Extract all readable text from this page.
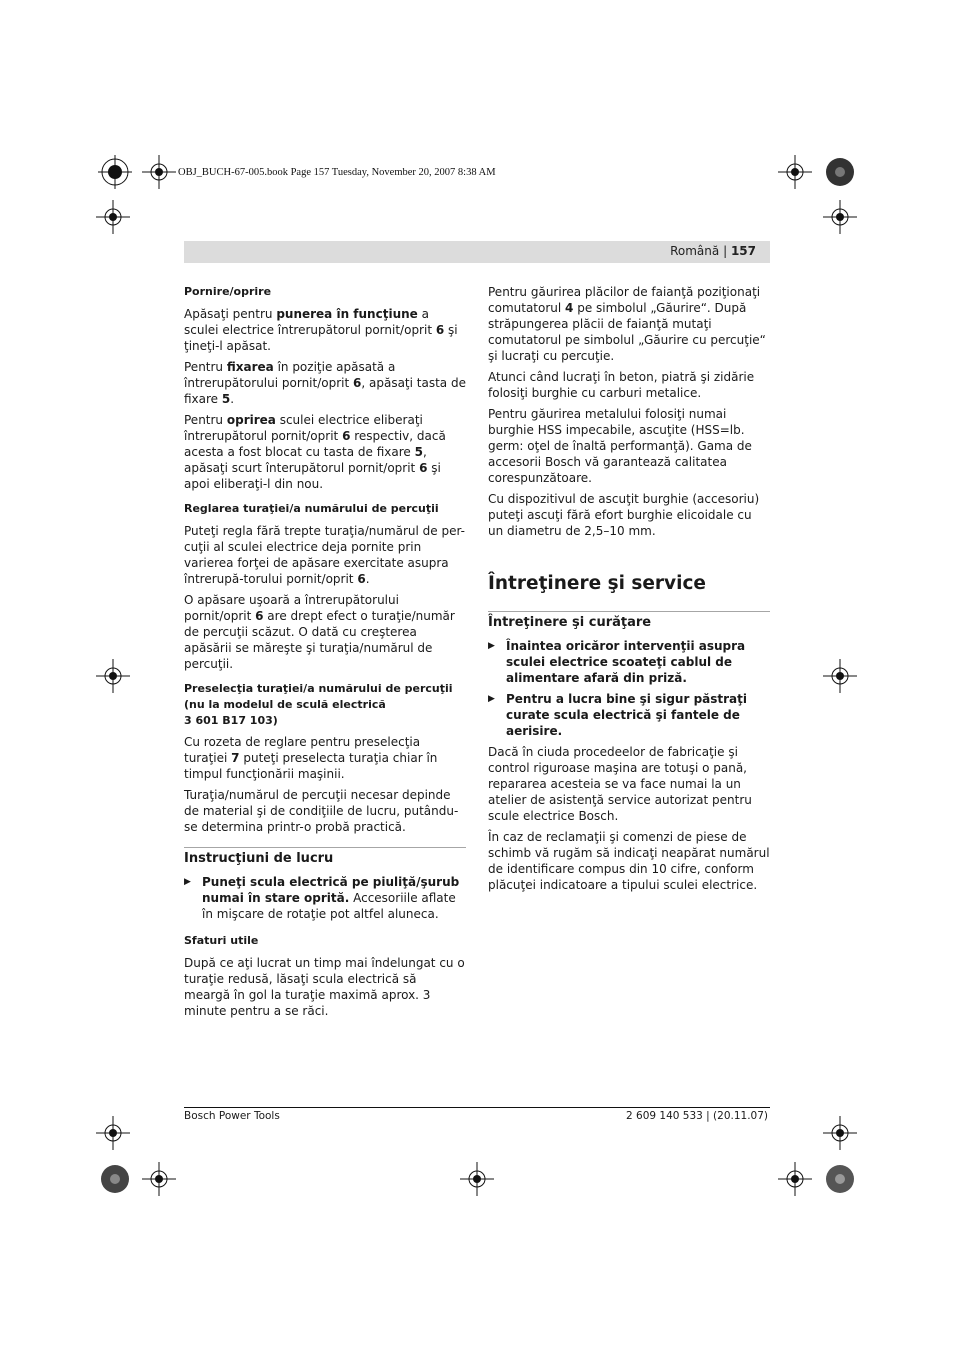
OBJ_BUCH-67-005.book Page 157 Tuesday, November 20, 2007 8:38 AM
Română | 157

Pornire/oprire

Apăsaţi pentru punerea în funcţiune a sculei electrice întrerupătorul pornit/oprit 6 şi ţineţi-l apăsat.

Pentru fixarea în poziţie apăsată a întrerupătorului pornit/oprit 6, apăsaţi tasta de fixare 5.

Pentru oprirea sculei electrice eliberaţi întrerupătorul pornit/oprit 6 respectiv, dacă acesta a fost blocat cu tasta de fixare 5, apăsaţi scurt înterupătorul pornit/oprit 6 şi apoi eliberaţi-l din nou.

Reglarea turaţiei/a numărului de percuţii

Puteţi regla fără trepte turaţia/numărul de per-cuţii al sculei electrice deja pornite prin varierea forţei de apăsare exercitate asupra întrerupă-torului pornit/oprit 6.

O apăsare uşoară a întrerupătorului pornit/oprit 6 are drept efect o turaţie/număr de percuţii scăzut. O dată cu creşterea apăsării se măreşte şi turaţia/numărul de percuţii.

Preselecţia turaţiei/a numărului de percuţii
(nu la modelul de sculă electrică
3 601 B17 103)

Cu rozeta de reglare pentru preselecţia turaţiei 7 puteţi preselecta turaţia chiar în timpul funcţionării maşinii.

Turaţia/numărul de percuţii necesar depinde de material şi de condiţiile de lucru, putându-se determina printr-o probă practică.

Instrucţiuni de lucru
▶ Puneţi scula electrică pe piuliţă/şurub numai în stare oprită. Accesoriile aflate în mişcare de rotaţie pot altfel aluneca.

Sfaturi utile

După ce aţi lucrat un timp mai îndelungat cu o turaţie redusă, lăsaţi scula electrică să meargă în gol la turaţie maximă aprox. 3 minute pentru a se răci.

Pentru găurirea plăcilor de faianţă poziţionaţi comutatorul 4 pe simbolul „Găurire“. După străpungerea plăcii de faianţă mutaţi comutatorul pe simbolul „Găurire cu percuţie“ şi lucraţi cu percuţie.

Atunci când lucraţi în beton, piatră şi zidărie folosiţi burghie cu carburi metalice.

Pentru găurirea metalului folosiţi numai burghie HSS impecabile, ascuţite (HSS=lb. germ: oţel de înaltă performanţă). Gama de accesorii Bosch vă garantează calitatea corespunzătoare.

Cu dispozitivul de ascuţit burghie (accesoriu) puteţi ascuţi fără efort burghie elicoidale cu un diametru de 2,5–10 mm.

Întreţinere şi service
Întreţinere şi curăţare
▶ Înaintea oricăror intervenţii asupra sculei electrice scoateţi cablul de alimentare afară din priză.
▶ Pentru a lucra bine şi sigur păstraţi curate scula electrică şi fantele de aerisire.

Dacă în ciuda procedeelor de fabricaţie şi control riguroase maşina are totuşi o pană, repararea acesteia se va face numai la un atelier de asistenţă service autorizat pentru scule electrice Bosch.

În caz de reclamaţii şi comenzi de piese de schimb vă rugăm să indicaţi neapărat numărul de identificare compus din 10 cifre, conform plăcuţei indicatoare a tipului sculei electrice.

Bosch Power Tools	2 609 140 533 | (20.11.07)
